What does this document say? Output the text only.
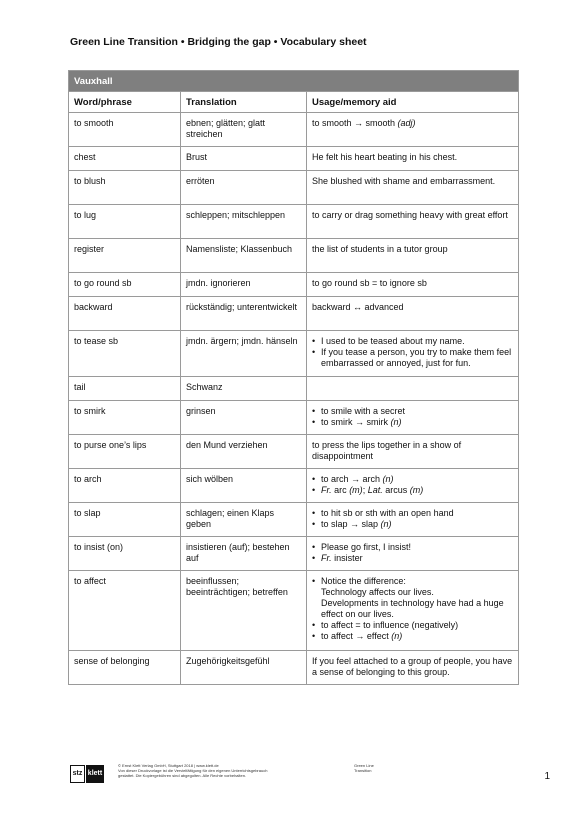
Green Line Transition • Bridging the gap • Vocabulary sheet
Vauxhall		
Word/phrase	Translation	Usage/memory aid
to smooth	ebnen; glätten; glatt streichen	to smooth → smooth (adj)
chest	Brust	He felt his heart beating in his chest.
to blush	erröten	She blushed with shame and embarrassment.
to lug	schleppen; mitschleppen	to carry or drag something heavy with great effort
register	Namensliste; Klassenbuch	the list of students in a tutor group
to go round sb	jmdn. ignorieren	to go round sb = to ignore sb
backward	rückständig; unterentwickelt	backward ↔ advanced
to tease sb	jmdn. ärgern; jmdn. hänseln	• I used to be teased about my name.
• If you tease a person, you try to make them feel embarrassed or annoyed, just for fun.

tail	Schwanz	
to smirk	grinsen	• to smile with a secret
• to smirk → smirk (n)

to purse one’s lips	den Mund verziehen	to press the lips together in a show of disappointment
to arch	sich wölben	• to arch → arch (n)
• Fr. arc (m); Lat. arcus (m)

to slap	schlagen; einen Klaps geben	• to hit sb or sth with an open hand
• to slap → slap (n)

to insist (on)	insistieren (auf); bestehen auf	• Please go first, I insist!
• Fr. insister

to affect	beeinflussen; beeinträchtigen; betreffen	• Notice the difference:
Technology affects our lives.
Developments in technology have had a huge effect on our lives.
• to affect = to influence (negatively)
• to affect → effect (n)

sense of belonging	Zugehörigkeitsgefühl	If you feel attached to a group of people, you have a sense of belonging to this group.
stz klett
© Ernst Klett Verlag GmbH, Stuttgart 2018 | www.klett.de
Von dieser Druckvorlage ist die Vervielfältigung für den eigenen Unterrichtsgebrauch
gestattet. Die Kopiergebühren sind abgegolten. Alle Rechte vorbehalten.
Green Line
Transition
1
